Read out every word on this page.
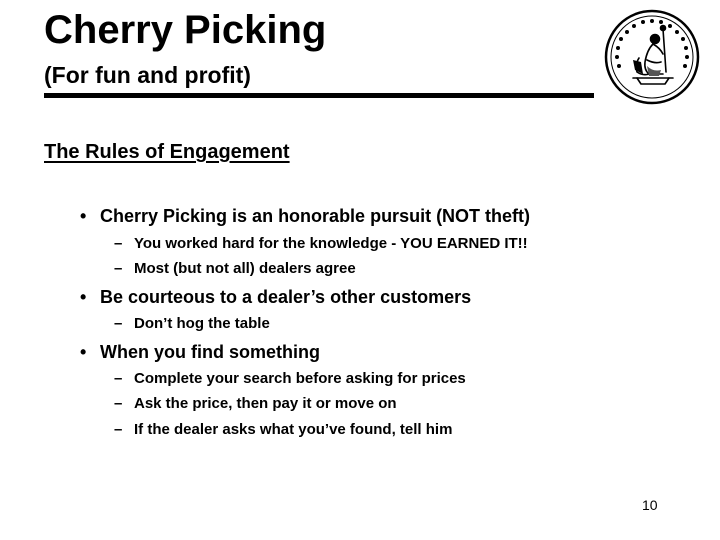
Cherry Picking
(For fun and profit)
The Rules of Engagement
• Cherry Picking is an honorable pursuit (NOT theft)
– You worked hard for the knowledge - YOU EARNED IT!!
– Most (but not all) dealers agree
• Be courteous to a dealer’s other customers
– Don’t hog the table
• When you find something
– Complete your search before asking for prices
– Ask the price, then pay it or move on
– If the dealer asks what you’ve found, tell him
10
